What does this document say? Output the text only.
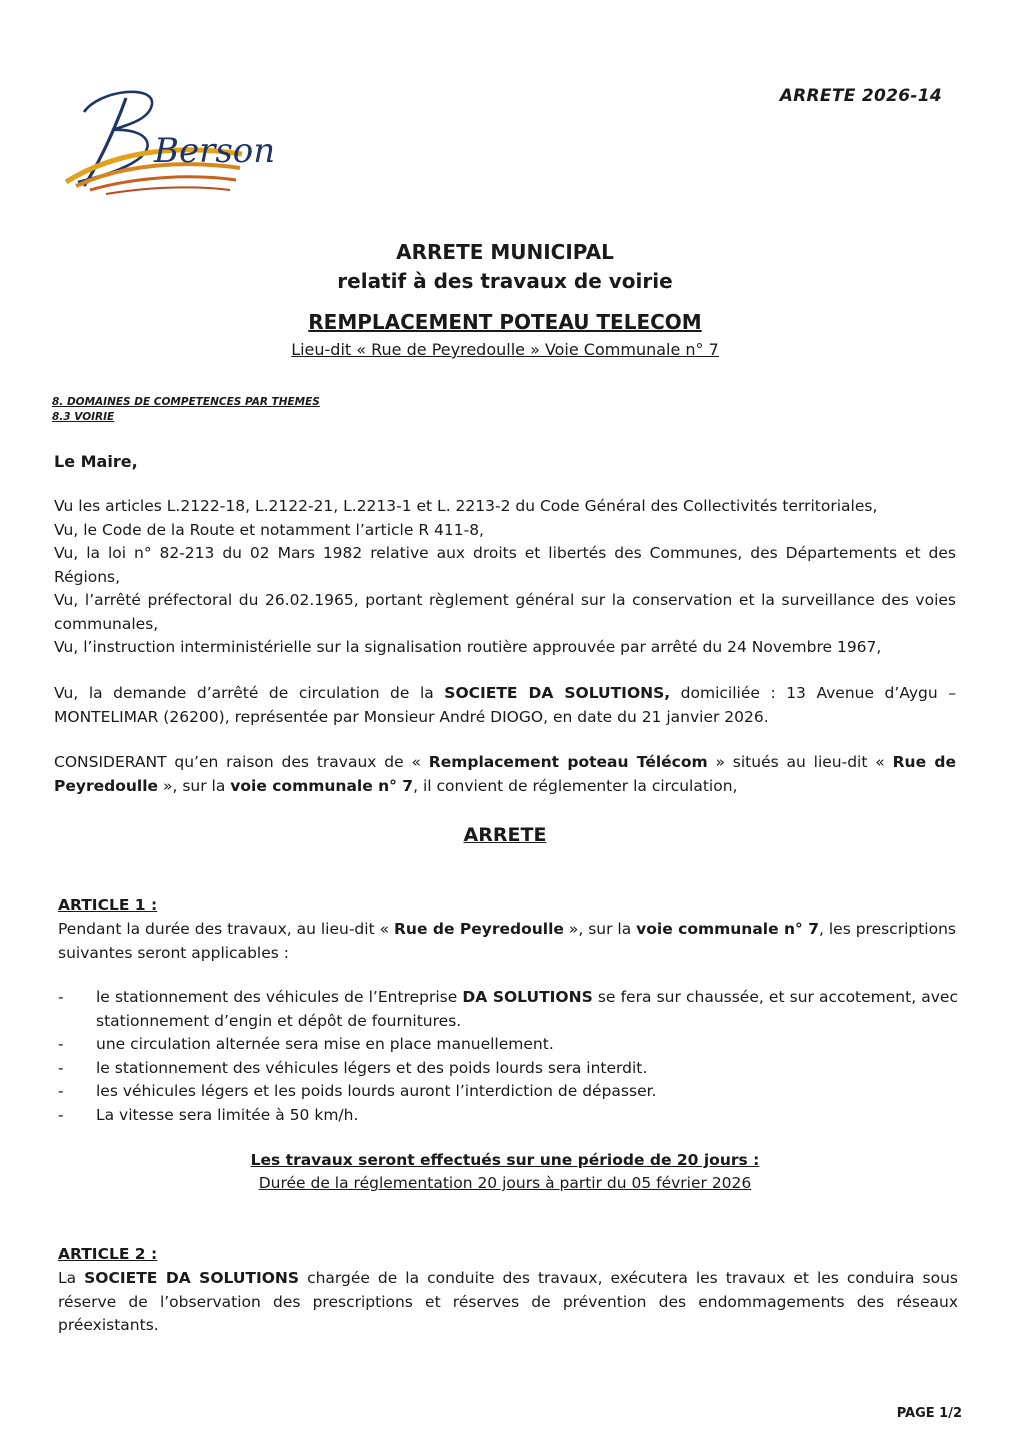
ARRETE 2026-14
Berson
ARRETE MUNICIPAL
relatif à des travaux de voirie
REMPLACEMENT POTEAU TELECOM
Lieu-dit « Rue de Peyredoulle » Voie Communale n° 7
8. DOMAINES DE COMPETENCES PAR THEMES
8.3 VOIRIE
Le Maire,
Vu les articles L.2122-18, L.2122-21, L.2213-1 et L. 2213-2 du Code Général des Collectivités territoriales,
Vu, le Code de la Route et notamment l’article R 411-8,
Vu, la loi n° 82-213 du 02 Mars 1982 relative aux droits et libertés des Communes, des Départements et des Régions,
Vu, l’arrêté préfectoral du 26.02.1965, portant règlement général sur la conservation et la surveillance des voies communales,
Vu, l’instruction interministérielle sur la signalisation routière approuvée par arrêté du 24 Novembre 1967,
Vu, la demande d’arrêté de circulation de la SOCIETE DA SOLUTIONS, domiciliée : 13 Avenue d’Aygu – MONTELIMAR (26200), représentée par Monsieur André DIOGO, en date du 21 janvier 2026.
CONSIDERANT qu’en raison des travaux de « Remplacement poteau Télécom » situés au lieu-dit « Rue de Peyredoulle », sur la voie communale n° 7, il convient de réglementer la circulation,
ARRETE
ARTICLE 1 :
Pendant la durée des travaux, au lieu-dit « Rue de Peyredoulle », sur la voie communale n° 7, les prescriptions suivantes seront applicables :
-	le stationnement des véhicules de l’Entreprise DA SOLUTIONS se fera sur chaussée, et sur accotement, avec stationnement d’engin et dépôt de fournitures.
-	une circulation alternée sera mise en place manuellement.
-	le stationnement des véhicules légers et des poids lourds sera interdit.
-	les véhicules légers et les poids lourds auront l’interdiction de dépasser.
-	La vitesse sera limitée à 50 km/h.
Les travaux seront effectués sur une période de 20 jours :
Durée de la réglementation 20 jours à partir du 05 février 2026
ARTICLE 2 :
La SOCIETE DA SOLUTIONS chargée de la conduite des travaux, exécutera les travaux et les conduira sous réserve de l’observation des prescriptions et réserves de prévention des endommagements des réseaux préexistants.
PAGE 1/2
